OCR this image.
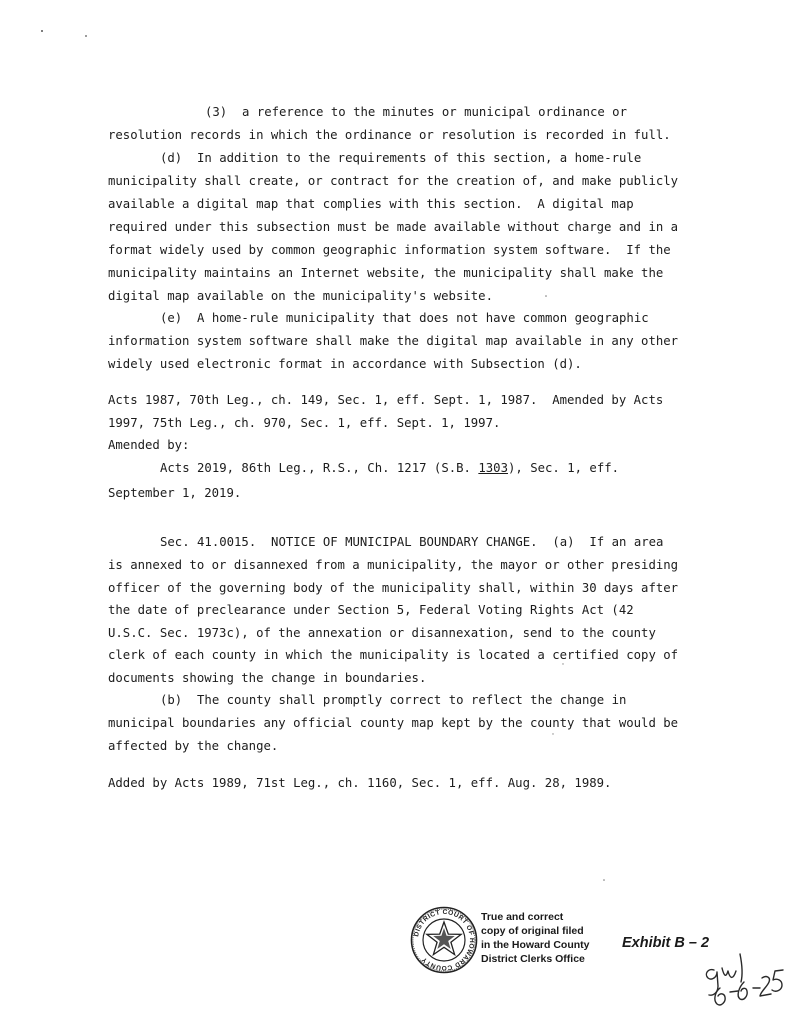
(3)  a reference to the minutes or municipal ordinance or

resolution records in which the ordinance or resolution is recorded in full.

(d)  In addition to the requirements of this section, a home-rule

municipality shall create, or contract for the creation of, and make publicly

available a digital map that complies with this section.  A digital map

required under this subsection must be made available without charge and in a

format widely used by common geographic information system software.  If the

municipality maintains an Internet website, the municipality shall make the

digital map available on the municipality's website.

(e)  A home-rule municipality that does not have common geographic

information system software shall make the digital map available in any other

widely used electronic format in accordance with Subsection (d).

Acts 1987, 70th Leg., ch. 149, Sec. 1, eff. Sept. 1, 1987.  Amended by Acts

1997, 75th Leg., ch. 970, Sec. 1, eff. Sept. 1, 1997.

Amended by:

Acts 2019, 86th Leg., R.S., Ch. 1217 (S.B. 1303), Sec. 1, eff.

September 1, 2019.

Sec. 41.0015.  NOTICE OF MUNICIPAL BOUNDARY CHANGE.  (a)  If an area

is annexed to or disannexed from a municipality, the mayor or other presiding

officer of the governing body of the municipality shall, within 30 days after

the date of preclearance under Section 5, Federal Voting Rights Act (42

U.S.C. Sec. 1973c), of the annexation or disannexation, send to the county

clerk of each county in which the municipality is located a certified copy of

documents showing the change in boundaries.

(b)  The county shall promptly correct to reflect the change in

municipal boundaries any official county map kept by the county that would be

affected by the change.

Added by Acts 1989, 71st Leg., ch. 1160, Sec. 1, eff. Aug. 28, 1989.

DISTRICT COURT OF HOWARD COUNTY
True and correct
copy of original filed
in the Howard County
District Clerks Office
Exhibit B – 2
